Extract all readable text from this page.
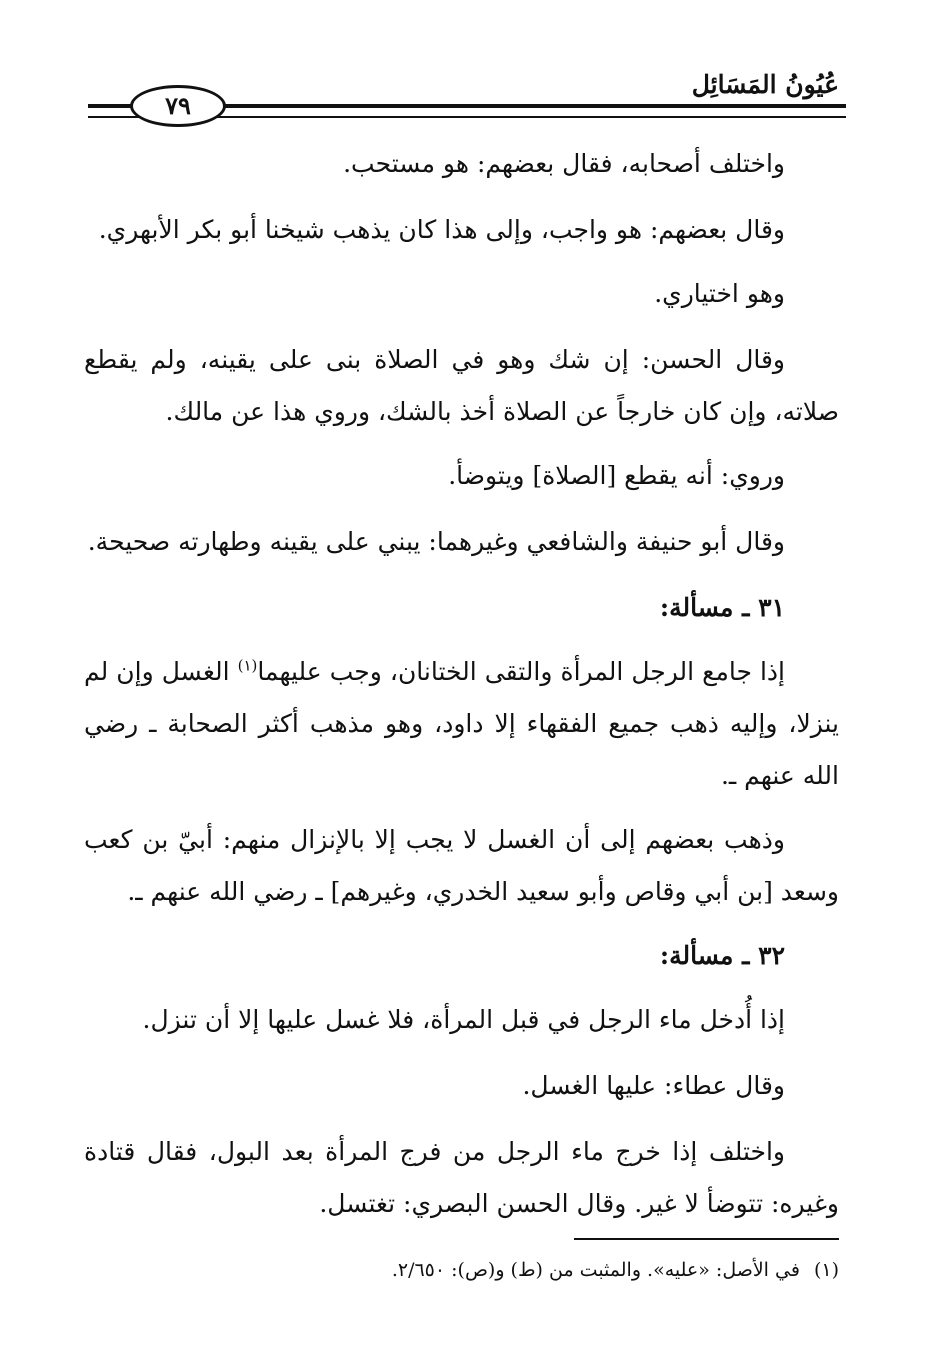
عُيُونُ المَسَائِل
٧٩

واختلف أصحابه، فقال بعضهم: هو مستحب.

وقال بعضهم: هو واجب، وإلى هذا كان يذهب شيخنا أبو بكر الأبهري.

وهو اختياري.

وقال الحسن: إن شك وهو في الصلاة بنى على يقينه، ولم يقطع صلاته، وإن كان خارجاً عن الصلاة أخذ بالشك، وروي هذا عن مالك.

وروي: أنه يقطع [الصلاة] ويتوضأ.

وقال أبو حنيفة والشافعي وغيرهما: يبني على يقينه وطهارته صحيحة.

٣١ ـ مسألة:

إذا جامع الرجل المرأة والتقى الختانان، وجب عليهما$^{(١)}$ الغسل وإن لم ينزلا، وإليه ذهب جميع الفقهاء إلا داود، وهو مذهب أكثر الصحابة ـ رضي الله عنهم ـ.

وذهب بعضهم إلى أن الغسل لا يجب إلا بالإنزال منهم: أبيّ بن كعب وسعد [بن أبي وقاص وأبو سعيد الخدري، وغيرهم] ـ رضي الله عنهم ـ.

٣٢ ـ مسألة:

إذا أُدخل ماء الرجل في قبل المرأة، فلا غسل عليها إلا أن تنزل.

وقال عطاء: عليها الغسل.

واختلف إذا خرج ماء الرجل من فرج المرأة بعد البول، فقال قتادة وغيره: تتوضأ لا غير. وقال الحسن البصري: تغتسل.

(١)في الأصل: «عليه». والمثبت من (ط) و(ص): ٢/٦٥٠.
